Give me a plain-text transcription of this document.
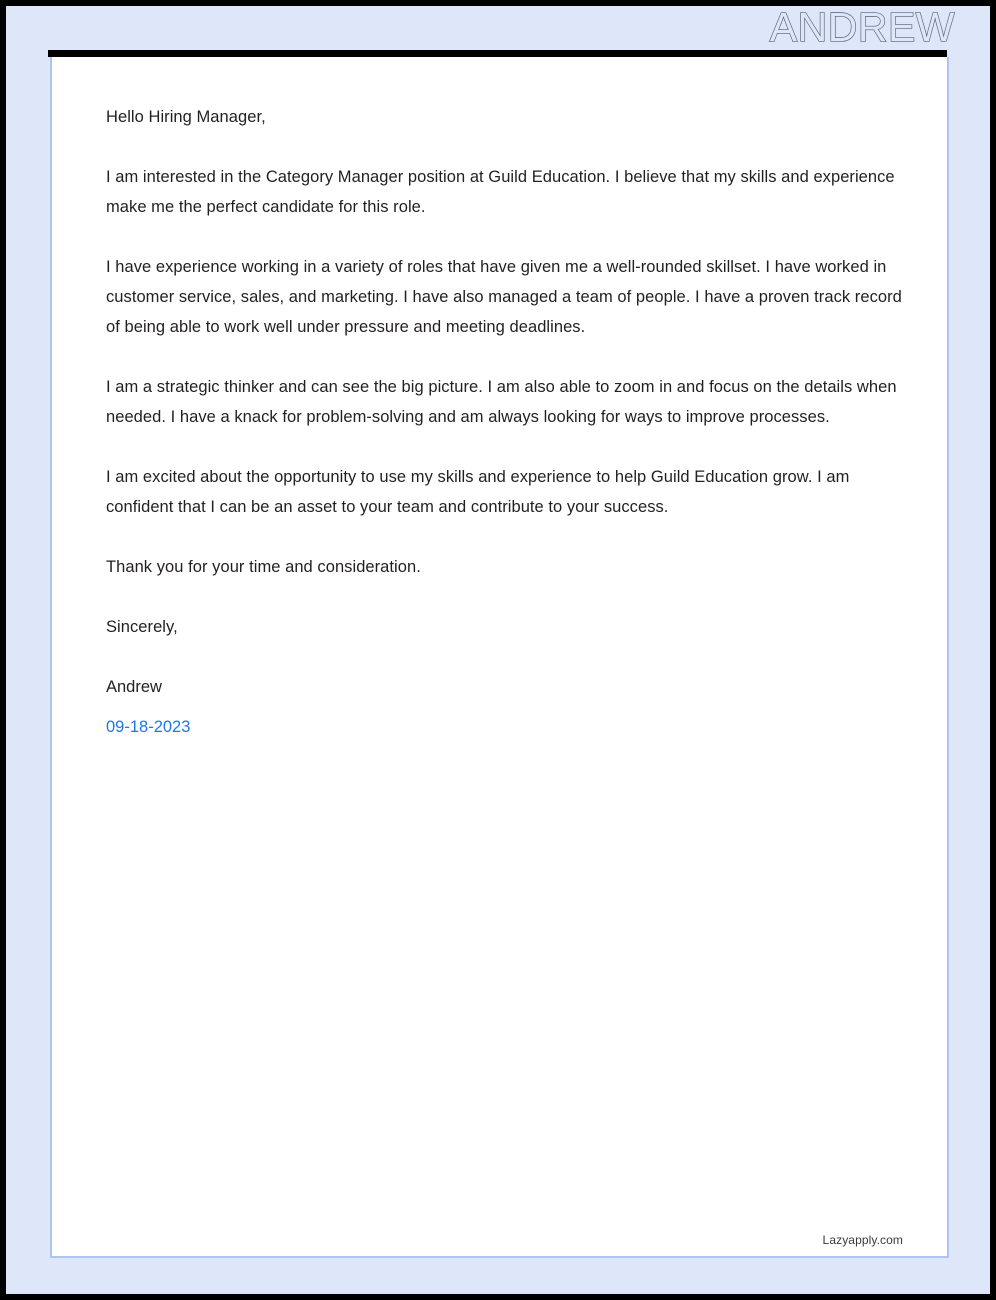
ANDREW
Hello Hiring Manager,

I am interested in the Category Manager position at Guild Education. I believe that my skills and experience make me the perfect candidate for this role.

I have experience working in a variety of roles that have given me a well-rounded skillset. I have worked in customer service, sales, and marketing. I have also managed a team of people. I have a proven track record of being able to work well under pressure and meeting deadlines.

I am a strategic thinker and can see the big picture. I am also able to zoom in and focus on the details when needed. I have a knack for problem-solving and am always looking for ways to improve processes.

I am excited about the opportunity to use my skills and experience to help Guild Education grow. I am confident that I can be an asset to your team and contribute to your success.

Thank you for your time and consideration.
Sincerely,
Andrew
09-18-2023
Lazyapply.com
